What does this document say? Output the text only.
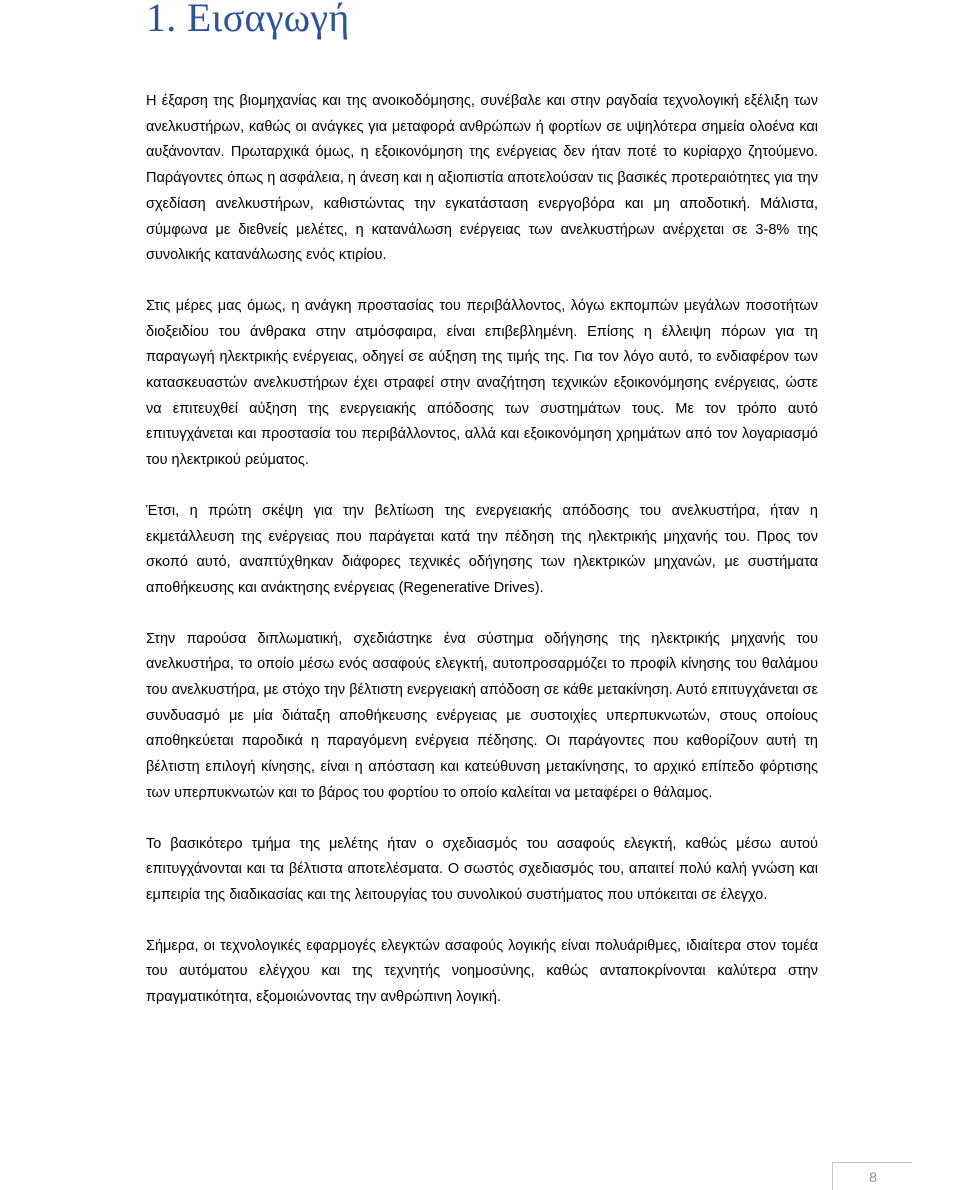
1. Εισαγωγή

Η έξαρση της βιομηχανίας και της ανοικοδόμησης, συνέβαλε και στην ραγδαία τεχνολογική εξέλιξη των ανελκυστήρων, καθώς οι ανάγκες για μεταφορά ανθρώπων ή φορτίων σε υψηλότερα σημεία ολοένα και αυξάνονταν. Πρωταρχικά όμως, η εξοικονόμηση της ενέργειας δεν ήταν ποτέ το κυρίαρχο ζητούμενο. Παράγοντες όπως η ασφάλεια, η άνεση και η αξιοπιστία αποτελούσαν τις βασικές προτεραιότητες για την σχεδίαση ανελκυστήρων, καθιστώντας την εγκατάσταση ενεργοβόρα και μη αποδοτική. Μάλιστα, σύμφωνα με διεθνείς μελέτες, η κατανάλωση ενέργειας των ανελκυστήρων ανέρχεται σε 3-8% της συνολικής κατανάλωσης ενός κτιρίου.

Στις μέρες μας όμως, η ανάγκη προστασίας του περιβάλλοντος, λόγω εκπομπών μεγάλων ποσοτήτων διοξειδίου του άνθρακα στην ατμόσφαιρα, είναι επιβεβλημένη. Επίσης η έλλειψη πόρων για τη παραγωγή ηλεκτρικής ενέργειας, οδηγεί σε αύξηση της τιμής της. Για τον λόγο αυτό, το ενδιαφέρον των κατασκευαστών ανελκυστήρων έχει στραφεί στην αναζήτηση τεχνικών εξοικονόμησης ενέργειας, ώστε να επιτευχθεί αύξηση της ενεργειακής απόδοσης των συστημάτων τους. Με τον τρόπο αυτό επιτυγχάνεται και προστασία του περιβάλλοντος, αλλά και εξοικονόμηση χρημάτων από τον λογαριασμό του ηλεκτρικού ρεύματος.

Έτσι, η πρώτη σκέψη για την βελτίωση της ενεργειακής απόδοσης του ανελκυστήρα, ήταν η εκμετάλλευση της ενέργειας που παράγεται κατά την πέδηση της ηλεκτρικής μηχανής του. Προς τον σκοπό αυτό, αναπτύχθηκαν διάφορες τεχνικές οδήγησης των ηλεκτρικών μηχανών, με συστήματα αποθήκευσης και ανάκτησης ενέργειας (Regenerative Drives).

Στην παρούσα διπλωματική, σχεδιάστηκε ένα σύστημα οδήγησης της ηλεκτρικής μηχανής του ανελκυστήρα, το οποίο μέσω ενός ασαφούς ελεγκτή, αυτοπροσαρμόζει το προφίλ κίνησης του θαλάμου του ανελκυστήρα, με στόχο την βέλτιστη ενεργειακή απόδοση σε κάθε μετακίνηση. Αυτό επιτυγχάνεται σε συνδυασμό με μία διάταξη αποθήκευσης ενέργειας με συστοιχίες υπερπυκνωτών, στους οποίους αποθηκεύεται παροδικά η παραγόμενη ενέργεια πέδησης. Οι παράγοντες που καθορίζουν αυτή τη βέλτιστη επιλογή κίνησης, είναι η απόσταση και κατεύθυνση μετακίνησης, το αρχικό επίπεδο φόρτισης των υπερπυκνωτών και το βάρος του φορτίου το οποίο καλείται να μεταφέρει ο θάλαμος.

Το βασικότερο τμήμα της μελέτης ήταν ο σχεδιασμός του ασαφούς ελεγκτή, καθώς μέσω αυτού επιτυγχάνονται και τα βέλτιστα αποτελέσματα. Ο σωστός σχεδιασμός του, απαιτεί πολύ καλή γνώση και εμπειρία της διαδικασίας και της λειτουργίας του συνολικού συστήματος που υπόκειται σε έλεγχο.

Σήμερα, οι τεχνολογικές εφαρμογές ελεγκτών ασαφούς λογικής είναι πολυάριθμες, ιδιαίτερα στον τομέα του αυτόματου ελέγχου και της τεχνητής νοημοσύνης, καθώς ανταποκρίνονται καλύτερα στην πραγματικότητα, εξομοιώνοντας την ανθρώπινη λογική.

8
